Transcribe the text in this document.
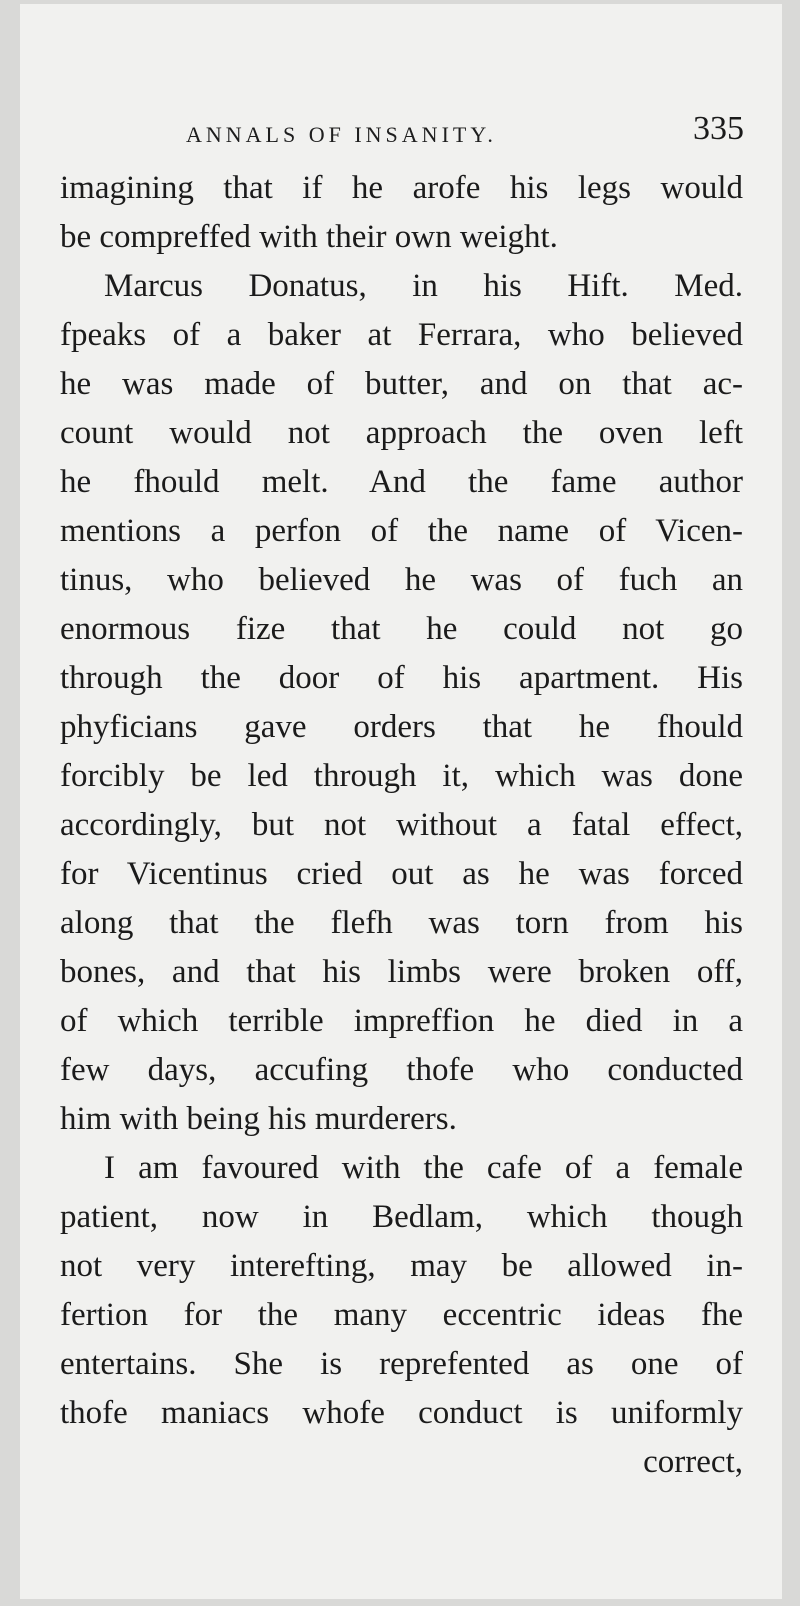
ANNALS OF INSANITY.	335
imagining that if he arofe his legs would
be compreffed with their own weight.
Marcus Donatus, in his Hift. Med.
fpeaks of a baker at Ferrara, who believed
he was made of butter, and on that ac-
count would not approach the oven left
he fhould melt. And the fame author
mentions a perfon of the name of Vicen-
tinus, who believed he was of fuch an
enormous fize that he could not go
through the door of his apartment. His
phyficians gave orders that he fhould
forcibly be led through it, which was done
accordingly, but not without a fatal effect,
for Vicentinus cried out as he was forced
along that the flefh was torn from his
bones, and that his limbs were broken off,
of which terrible impreffion he died in a
few days, accufing thofe who conducted
him with being his murderers.
I am favoured with the cafe of a female
patient, now in Bedlam, which though
not very interefting, may be allowed in-
fertion for the many eccentric ideas fhe
entertains. She is reprefented as one of
thofe maniacs whofe conduct is uniformly
correct,
